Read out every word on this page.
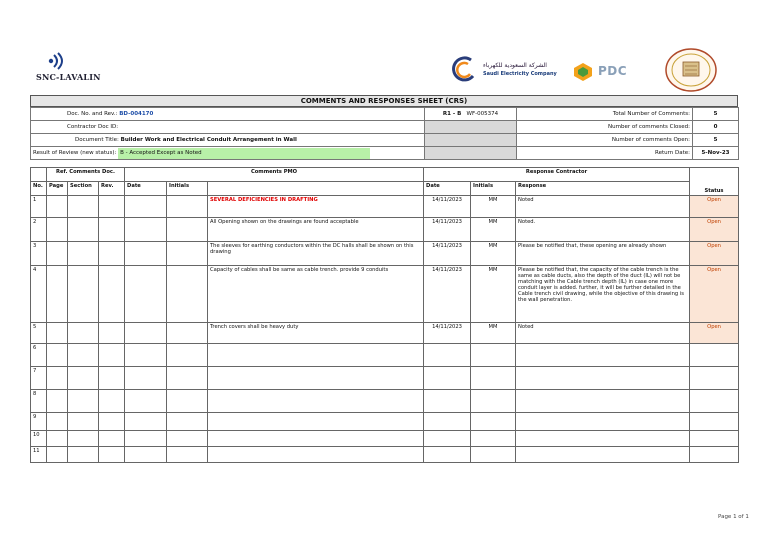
SNC-LAVALIN
الشركة السعودية للكهرباء
Saudi Electricity Company	PDC
COMMENTS AND RESPONSES SHEET (CRS)
Doc. No. and Rev.: BD-004170	R1 - B WF-005374	Total Number of Comments:	5
Contractor Doc ID:		Number of comments Closed:	0
Document Title: Builder Work and Electrical Conduit Arrangement in Wall		Number of comments Open:	5
Result of Review (new status): B - Accepted Except as Noted		Return Date:	5-Nov-23
	Ref. Comments Doc.			Comments PMO			Response Contractor			Status
No.	Page	Section	Rev.	Date	Initials		Date	Initials	Response	
1						SEVERAL DEFICIENCIES IN DRAFTING	14/11/2023	MM	Noted	Open
2						All Opening shown on the drawings are found acceptable	14/11/2023	MM	Noted.	Open
3						The sleeves for earthing conductors within the DC halls shall be shown on this drawing	14/11/2023	MM	Please be notified that, these opening are already shown	Open
4						Capacity of cables shall be same as cable trench. provide 9 conduits	14/11/2023	MM	Please be notified that, the capacity of the cable trench is the same as cable ducts, also the depth of the duct (IL) will not be matching with the Cable trench depth (IL) in case one more conduit layer is added. further, it will be further detailed in the Cable trench civil drawing, while the objective of this drawing is the wall penetration.	Open
5						Trench covers shall be heavy duty	14/11/2023	MM	Noted	Open
6										
7										
8										
9										
10										
11										
Page 1 of 1
